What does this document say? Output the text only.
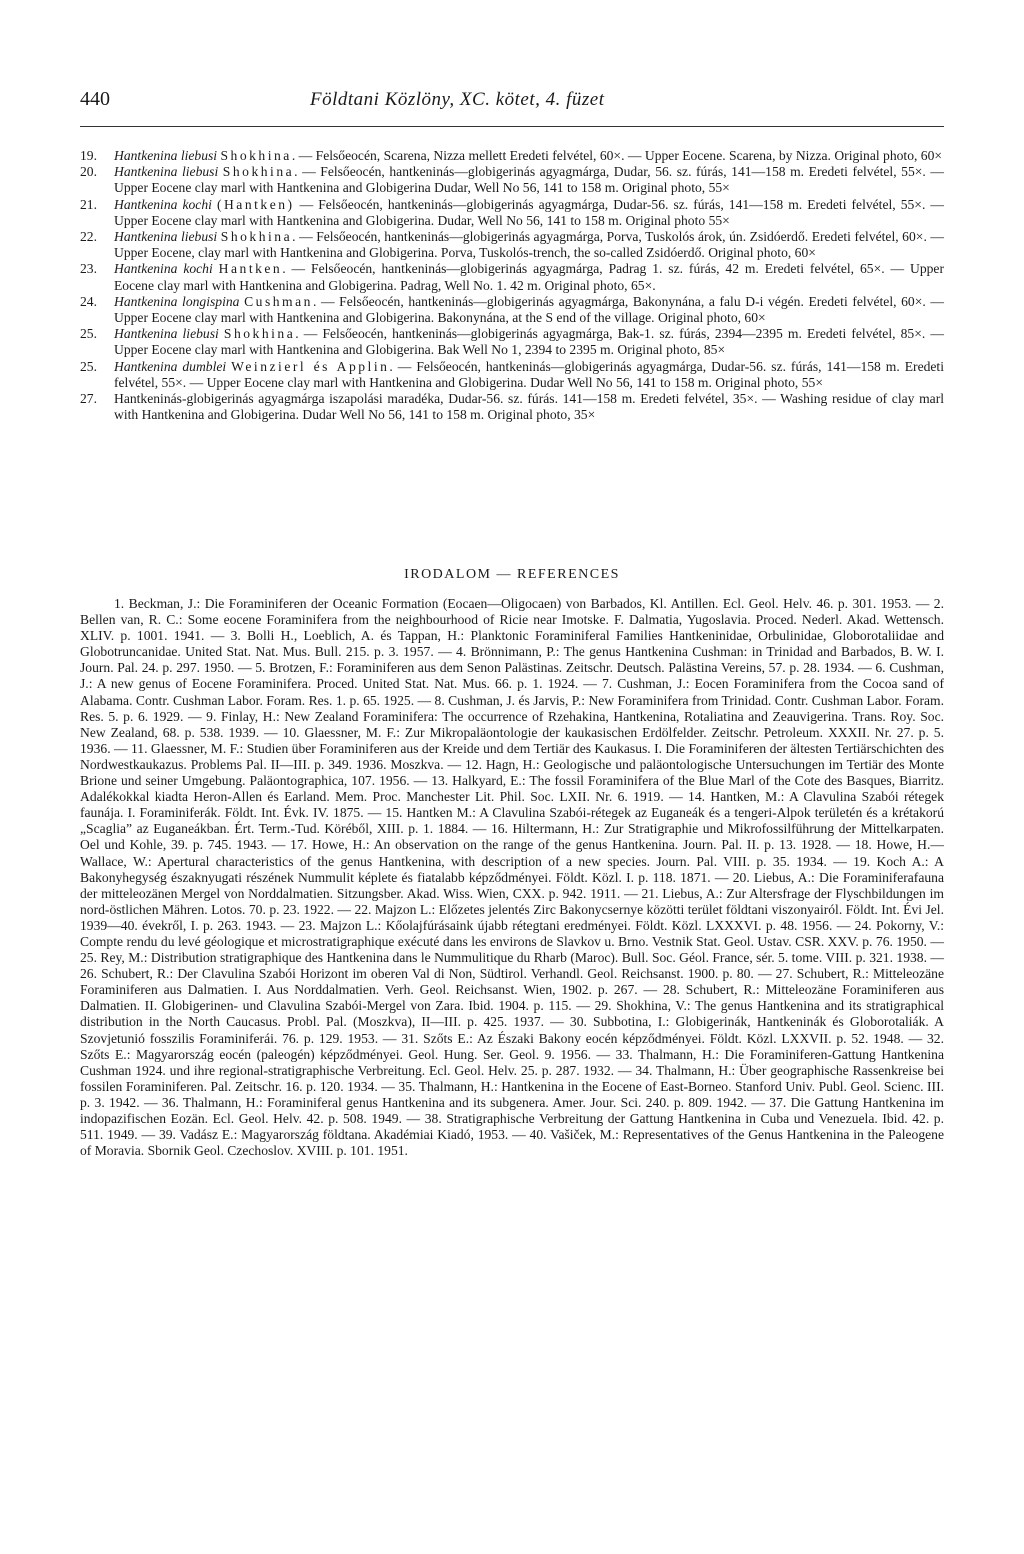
440	Földtani Közlöny, XC. kötet, 4. füzet
19.	Hantkenina liebusi Shokhina. — Felsőeocén, Scarena, Nizza mellett Eredeti felvétel, 60×. — Upper Eocene. Scarena, by Nizza. Original photo, 60×
20.	Hantkenina liebusi Shokhina. — Felsőeocén, hantkeninás—globigerinás agyagmárga, Dudar, 56. sz. fúrás, 141—158 m. Eredeti felvétel, 55×. — Upper Eocene clay marl with Hantkenina and Globigerina Dudar, Well No 56, 141 to 158 m. Original photo, 55×
21.	Hantkenina kochi (Hantken) — Felsőeocén, hantkeninás—globigerinás agyagmárga, Dudar-56. sz. fúrás, 141—158 m. Eredeti felvétel, 55×. — Upper Eocene clay marl with Hantkenina and Globigerina. Dudar, Well No 56, 141 to 158 m. Original photo 55×
22.	Hantkenina liebusi Shokhina. — Felsőeocén, hantkeninás—globigerinás agyagmárga, Porva, Tuskolós árok, ún. Zsidóerdő. Eredeti felvétel, 60×. — Upper Eocene, clay marl with Hantkenina and Globigerina. Porva, Tuskolós-trench, the so-called Zsidóerdő. Original photo, 60×
23.	Hantkenina kochi Hantken. — Felsőeocén, hantkeninás—globigerinás agyagmárga, Padrag 1. sz. fúrás, 42 m. Eredeti felvétel, 65×. — Upper Eocene clay marl with Hantkenina and Globigerina. Padrag, Well No. 1. 42 m. Original photo, 65×.
24.	Hantkenina longispina Cushman. — Felsőeocén, hantkeninás—globigerinás agyagmárga, Bakonynána, a falu D-i végén. Eredeti felvétel, 60×. — Upper Eocene clay marl with Hantkenina and Globigerina. Bakonynána, at the S end of the village. Original photo, 60×
25.	Hantkenina liebusi Shokhina. — Felsőeocén, hantkeninás—globigerinás agyagmárga, Bak-1. sz. fúrás, 2394—2395 m. Eredeti felvétel, 85×. — Upper Eocene clay marl with Hantkenina and Globigerina. Bak Well No 1, 2394 to 2395 m. Original photo, 85×
25.	Hantkenina dumblei Weinzierl és Applin. — Felsőeocén, hantkeninás—globigerinás agyagmárga, Dudar-56. sz. fúrás, 141—158 m. Eredeti felvétel, 55×. — Upper Eocene clay marl with Hantkenina and Globigerina. Dudar Well No 56, 141 to 158 m. Original photo, 55×
27.	Hantkeninás-globigerinás agyagmárga iszapolási maradéka, Dudar-56. sz. fúrás. 141—158 m. Eredeti felvétel, 35×. — Washing residue of clay marl with Hantkenina and Globigerina. Dudar Well No 56, 141 to 158 m. Original photo, 35×
IRODALOM — REFERENCES

1. Beckman, J.: Die Foraminiferen der Oceanic Formation (Eocaen—Oligocaen) von Barbados, Kl. Antillen. Ecl. Geol. Helv. 46. p. 301. 1953. — 2. Bellen van, R. C.: Some eocene Foraminifera from the neighbourhood of Ricie near Imotske. F. Dalmatia, Yugoslavia. Proced. Nederl. Akad. Wettensch. XLIV. p. 1001. 1941. — 3. Bolli H., Loeblich, A. és Tappan, H.: Planktonic Foraminiferal Families Hantkeninidae, Orbulinidae, Globorotaliidae and Globotruncanidae. United Stat. Nat. Mus. Bull. 215. p. 3. 1957. — 4. Brönnimann, P.: The genus Hantkenina Cushman: in Trinidad and Barbados, B. W. I. Journ. Pal. 24. p. 297. 1950. — 5. Brotzen, F.: Foraminiferen aus dem Senon Palästinas. Zeitschr. Deutsch. Palästina Vereins, 57. p. 28. 1934. — 6. Cushman, J.: A new genus of Eocene Foraminifera. Proced. United Stat. Nat. Mus. 66. p. 1. 1924. — 7. Cushman, J.: Eocen Foraminifera from the Cocoa sand of Alabama. Contr. Cushman Labor. Foram. Res. 1. p. 65. 1925. — 8. Cushman, J. és Jarvis, P.: New Foraminifera from Trinidad. Contr. Cushman Labor. Foram. Res. 5. p. 6. 1929. — 9. Finlay, H.: New Zealand Foraminifera: The occurrence of Rzehakina, Hantkenina, Rotaliatina and Zeauvigerina. Trans. Roy. Soc. New Zealand, 68. p. 538. 1939. — 10. Glaessner, M. F.: Zur Mikropaläontologie der kaukasischen Erdölfelder. Zeitschr. Petroleum. XXXII. Nr. 27. p. 5. 1936. — 11. Glaessner, M. F.: Studien über Foraminiferen aus der Kreide und dem Tertiär des Kaukasus. I. Die Foraminiferen der ältesten Tertiärschichten des Nordwestkaukazus. Problems Pal. II—III. p. 349. 1936. Moszkva. — 12. Hagn, H.: Geologische und paläontologische Untersuchungen im Tertiär des Monte Brione und seiner Umgebung. Paläontographica, 107. 1956. — 13. Halkyard, E.: The fossil Foraminifera of the Blue Marl of the Cote des Basques, Biarritz. Adalékokkal kiadta Heron-Allen és Earland. Mem. Proc. Manchester Lit. Phil. Soc. LXII. Nr. 6. 1919. — 14. Hantken, M.: A Clavulina Szabói rétegek faunája. I. Foraminiferák. Földt. Int. Évk. IV. 1875. — 15. Hantken M.: A Clavulina Szabói-rétegek az Euganeák és a tengeri-Alpok területén és a krétakorú „Scaglia” az Euganeákban. Ért. Term.-Tud. Köréből, XIII. p. 1. 1884. — 16. Hiltermann, H.: Zur Stratigraphie und Mikrofossilführung der Mittelkarpaten. Oel und Kohle, 39. p. 745. 1943. — 17. Howe, H.: An observation on the range of the genus Hantkenina. Journ. Pal. II. p. 13. 1928. — 18. Howe, H.—Wallace, W.: Apertural characteristics of the genus Hantkenina, with description of a new species. Journ. Pal. VIII. p. 35. 1934. — 19. Koch A.: A Bakonyhegység északnyugati részének Nummulit képlete és fiatalabb képződményei. Földt. Közl. I. p. 118. 1871. — 20. Liebus, A.: Die Foraminiferafauna der mitteleozänen Mergel von Norddalmatien. Sitzungsber. Akad. Wiss. Wien, CXX. p. 942. 1911. — 21. Liebus, A.: Zur Altersfrage der Flyschbildungen im nord-östlichen Mähren. Lotos. 70. p. 23. 1922. — 22. Majzon L.: Előzetes jelentés Zirc Bakonycsernye közötti terület földtani viszonyairól. Földt. Int. Évi Jel. 1939—40. évekről, I. p. 263. 1943. — 23. Majzon L.: Kőolajfúrásaink újabb rétegtani eredményei. Földt. Közl. LXXXVI. p. 48. 1956. — 24. Pokorny, V.: Compte rendu du levé géologique et microstratigraphique exécuté dans les environs de Slavkov u. Brno. Vestnik Stat. Geol. Ustav. CSR. XXV. p. 76. 1950. — 25. Rey, M.: Distribution stratigraphique des Hantkenina dans le Nummulitique du Rharb (Maroc). Bull. Soc. Géol. France, sér. 5. tome. VIII. p. 321. 1938. — 26. Schubert, R.: Der Clavulina Szabói Horizont im oberen Val di Non, Südtirol. Verhandl. Geol. Reichsanst. 1900. p. 80. — 27. Schubert, R.: Mitteleozäne Foraminiferen aus Dalmatien. I. Aus Norddalmatien. Verh. Geol. Reichsanst. Wien, 1902. p. 267. — 28. Schubert, R.: Mitteleozäne Foraminiferen aus Dalmatien. II. Globigerinen- und Clavulina Szabói-Mergel von Zara. Ibid. 1904. p. 115. — 29. Shokhina, V.: The genus Hantkenina and its stratigraphical distribution in the North Caucasus. Probl. Pal. (Moszkva), II—III. p. 425. 1937. — 30. Subbotina, I.: Globigerinák, Hantkeninák és Globorotaliák. A Szovjetunió fosszilis Foraminiferái. 76. p. 129. 1953. — 31. Szőts E.: Az Északi Bakony eocén képződményei. Földt. Közl. LXXVII. p. 52. 1948. — 32. Szőts E.: Magyarország eocén (paleogén) képződményei. Geol. Hung. Ser. Geol. 9. 1956. — 33. Thalmann, H.: Die Foraminiferen-Gattung Hantkenina Cushman 1924. und ihre regional-stratigraphische Verbreitung. Ecl. Geol. Helv. 25. p. 287. 1932. — 34. Thalmann, H.: Über geographische Rassenkreise bei fossilen Foraminiferen. Pal. Zeitschr. 16. p. 120. 1934. — 35. Thalmann, H.: Hantkenina in the Eocene of East-Borneo. Stanford Univ. Publ. Geol. Scienc. III. p. 3. 1942. — 36. Thalmann, H.: Foraminiferal genus Hantkenina and its subgenera. Amer. Jour. Sci. 240. p. 809. 1942. — 37. Die Gattung Hantkenina im indopazifischen Eozän. Ecl. Geol. Helv. 42. p. 508. 1949. — 38. Stratigraphische Verbreitung der Gattung Hantkenina in Cuba und Venezuela. Ibid. 42. p. 511. 1949. — 39. Vadász E.: Magyarország földtana. Akadémiai Kiadó, 1953. — 40. Vašiček, M.: Representatives of the Genus Hantkenina in the Paleogene of Moravia. Sbornik Geol. Czechoslov. XVIII. p. 101. 1951.
